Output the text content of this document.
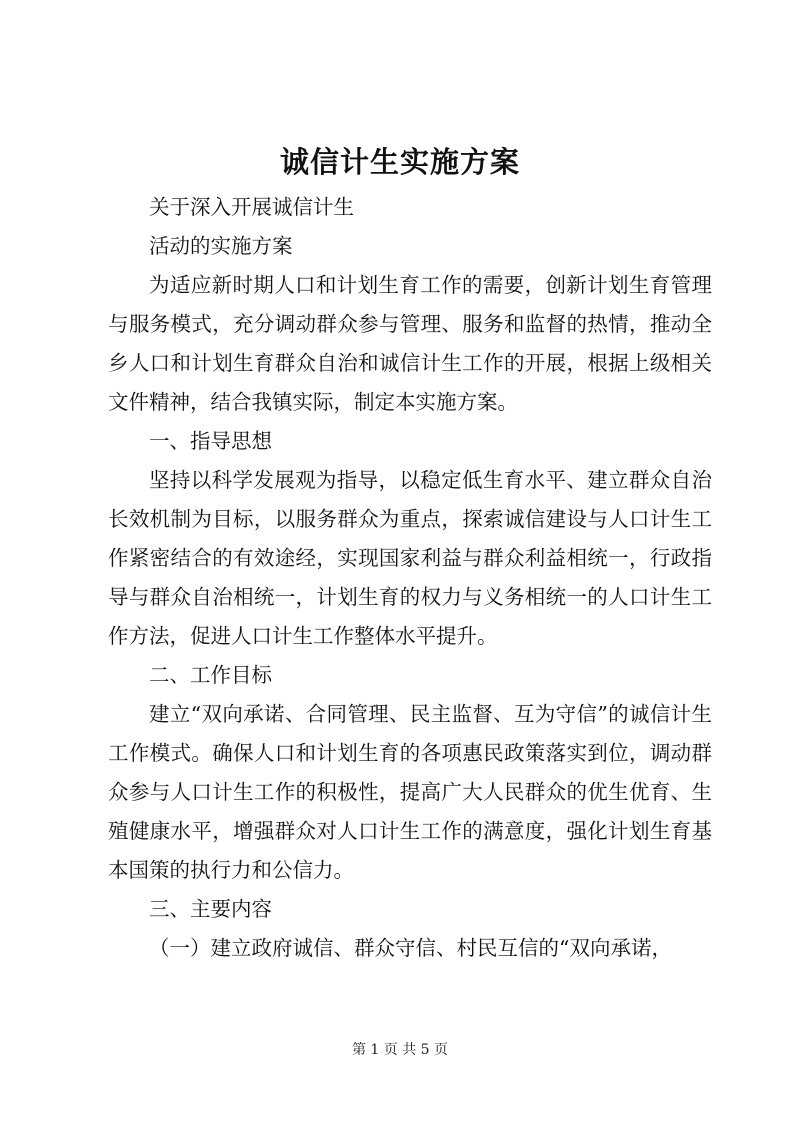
诚信计生实施方案

关于深入开展诚信计生

活动的实施方案

为适应新时期人口和计划生育工作的需要，创新计划生育管理与服务模式，充分调动群众参与管理、服务和监督的热情，推动全乡人口和计划生育群众自治和诚信计生工作的开展，根据上级相关文件精神，结合我镇实际，制定本实施方案。

一、指导思想

坚持以科学发展观为指导，以稳定低生育水平、建立群众自治长效机制为目标，以服务群众为重点，探索诚信建设与人口计生工作紧密结合的有效途经，实现国家利益与群众利益相统一，行政指导与群众自治相统一，计划生育的权力与义务相统一的人口计生工作方法，促进人口计生工作整体水平提升。

二、工作目标

建立“双向承诺、合同管理、民主监督、互为守信”的诚信计生工作模式。确保人口和计划生育的各项惠民政策落实到位，调动群众参与人口计生工作的积极性，提高广大人民群众的优生优育、生殖健康水平，增强群众对人口计生工作的满意度，强化计划生育基本国策的执行力和公信力。

三、主要内容

（一）建立政府诚信、群众守信、村民互信的“双向承诺，

第 1 页 共 5 页
